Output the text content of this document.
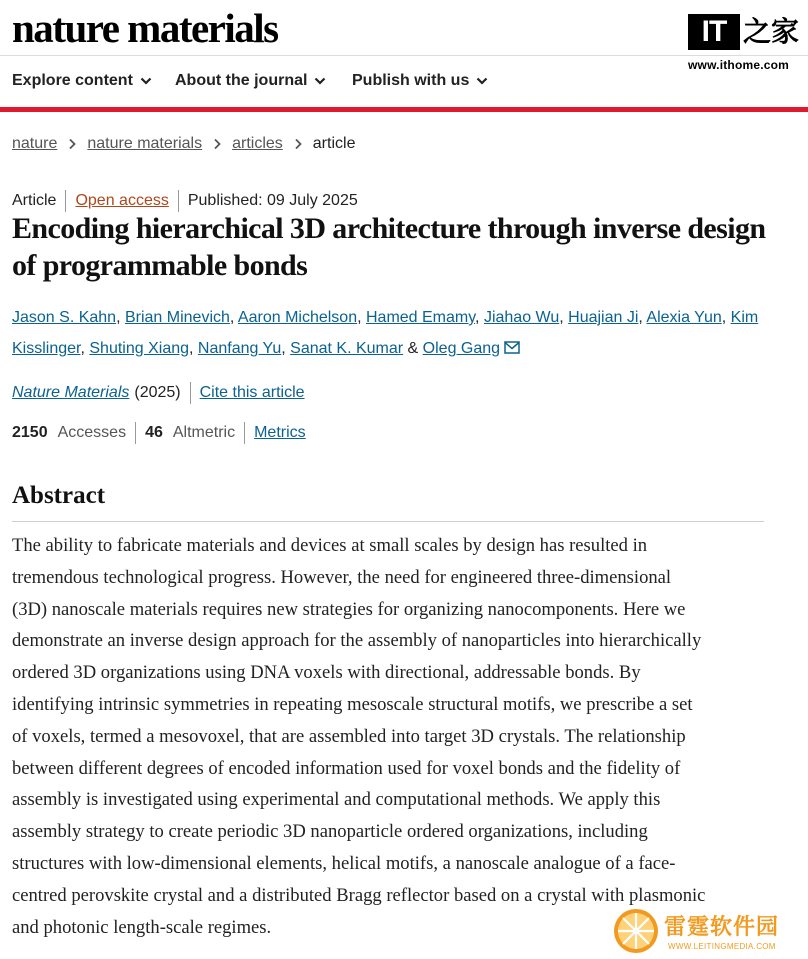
nature materials	IT 之家
www.ithome.com
Explore content	About the journal	Publish with us
nature nature materials articles article
Article Open access Published: 09 July 2025
Encoding hierarchical 3D architecture through inverse design of programmable bonds
Jason S. Kahn, Brian Minevich, Aaron Michelson, Hamed Emamy, Jiahao Wu, Huajian Ji, Alexia Yun, Kim
Kisslinger, Shuting Xiang, Nanfang Yu, Sanat K. Kumar & Oleg Gang
Nature Materials (2025) Cite this article
2150 Accesses 46 Altmetric Metrics
Abstract
The ability to fabricate materials and devices at small scales by design has resulted in
tremendous technological progress. However, the need for engineered three-dimensional
(3D) nanoscale materials requires new strategies for organizing nanocomponents. Here we
demonstrate an inverse design approach for the assembly of nanoparticles into hierarchically
ordered 3D organizations using DNA voxels with directional, addressable bonds. By
identifying intrinsic symmetries in repeating mesoscale structural motifs, we prescribe a set
of voxels, termed a mesovoxel, that are assembled into target 3D crystals. The relationship
between different degrees of encoded information used for voxel bonds and the fidelity of
assembly is investigated using experimental and computational methods. We apply this
assembly strategy to create periodic 3D nanoparticle ordered organizations, including
structures with low-dimensional elements, helical motifs, a nanoscale analogue of a face-
centred perovskite crystal and a distributed Bragg reflector based on a crystal with plasmonic
and photonic length-scale regimes.	雷霆软件园
WWW.LEITINGMEDIA.COM
